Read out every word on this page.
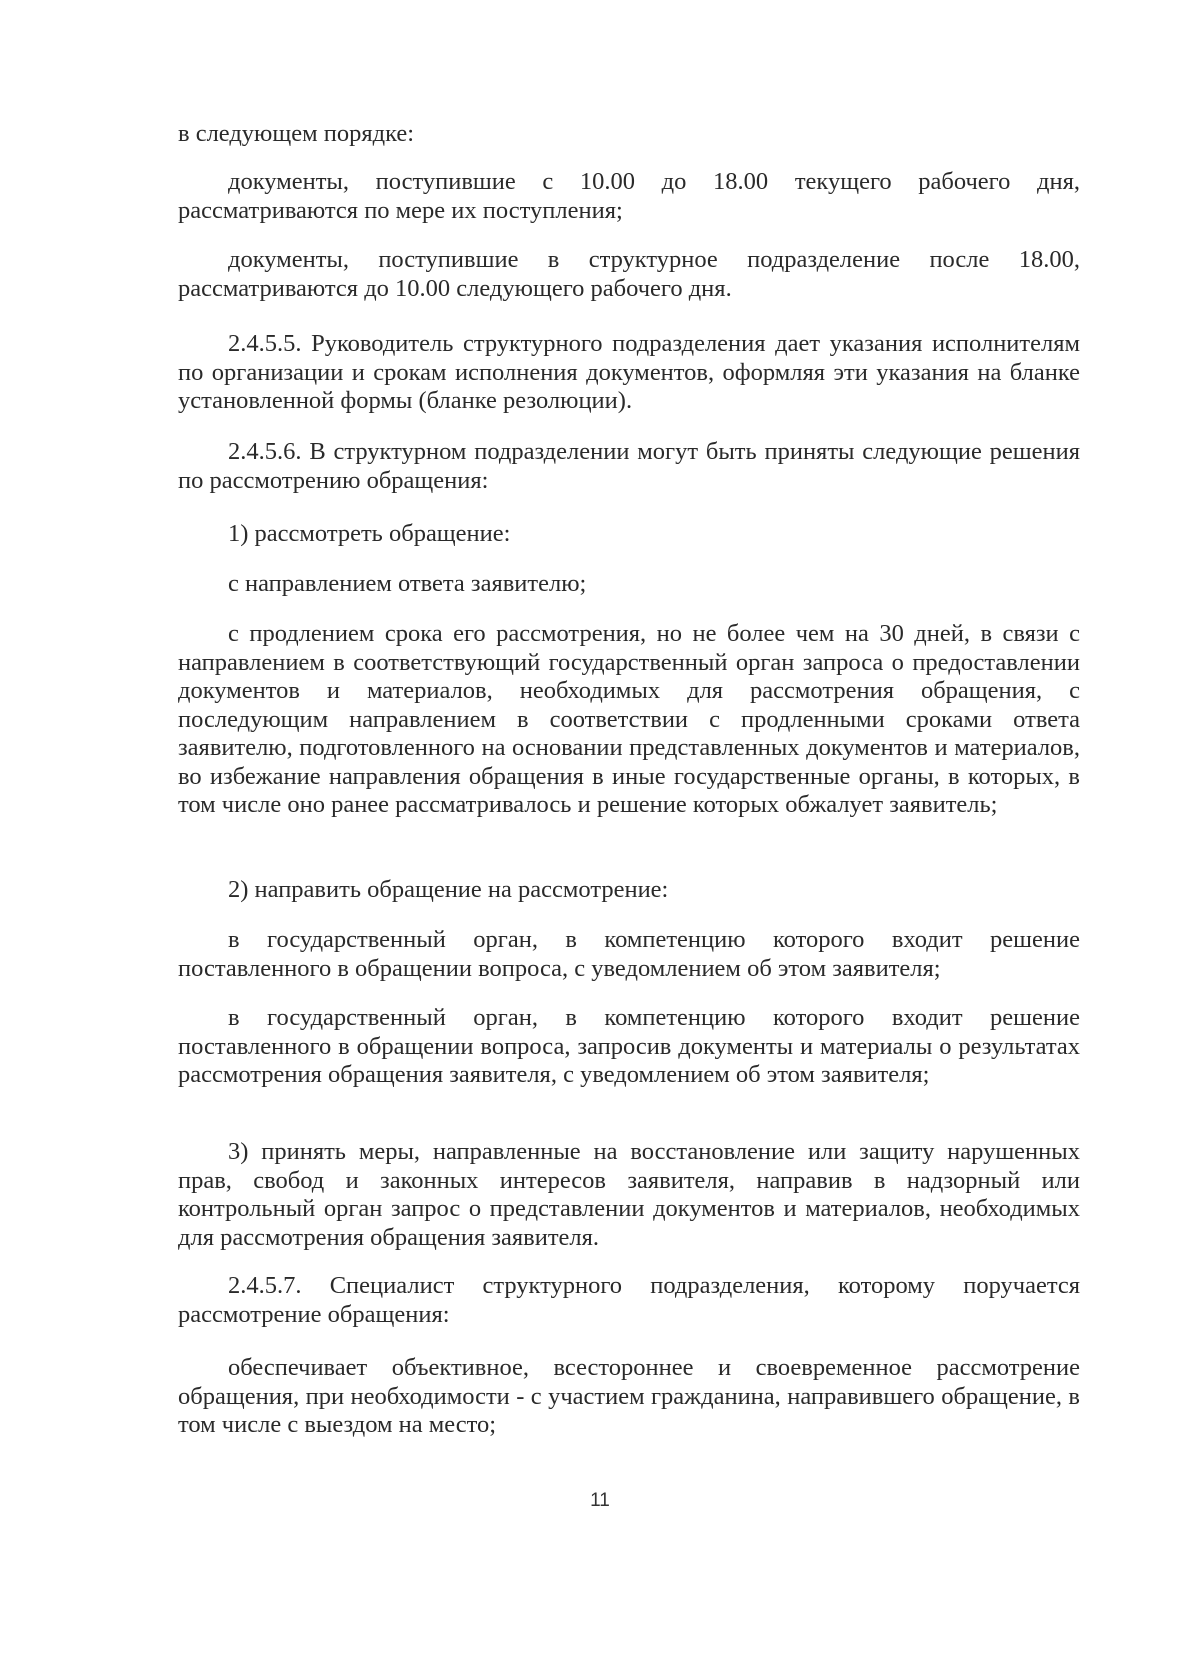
в следующем порядке:

документы, поступившие с 10.00 до 18.00 текущего рабочего дня, рассматриваются по мере их поступления;

документы, поступившие в структурное подразделение после 18.00, рассматриваются до 10.00 следующего рабочего дня.

2.4.5.5. Руководитель структурного подразделения дает указания исполнителям по организации и срокам исполнения документов, оформляя эти указания на бланке установленной формы (бланке резолюции).

2.4.5.6. В структурном подразделении могут быть приняты следующие решения по рассмотрению обращения:

1) рассмотреть обращение:

с направлением ответа заявителю;

с продлением срока его рассмотрения, но не более чем на 30 дней, в связи с направлением в соответствующий государственный орган запроса о предоставлении документов и материалов, необходимых для рассмотрения обращения, с последующим направлением в соответствии с продленными сроками ответа заявителю, подготовленного на основании представленных документов и материалов, во избежание направления обращения в иные государственные органы, в которых, в том числе оно ранее рассматривалось и решение которых обжалует заявитель;

2) направить обращение на рассмотрение:

в государственный орган, в компетенцию которого входит решение поставленного в обращении вопроса, с уведомлением об этом заявителя;

в государственный орган, в компетенцию которого входит решение поставленного в обращении вопроса, запросив документы и материалы о результатах рассмотрения обращения заявителя, с уведомлением об этом заявителя;

3) принять меры, направленные на восстановление или защиту нарушенных прав, свобод и законных интересов заявителя, направив в надзорный или контрольный орган запрос о представлении документов и материалов, необходимых для рассмотрения обращения заявителя.

2.4.5.7. Специалист структурного подразделения, которому поручается рассмотрение обращения:

обеспечивает объективное, всестороннее и своевременное рассмотрение обращения, при необходимости - с участием гражданина, направившего обращение, в том числе с выездом на место;

11
